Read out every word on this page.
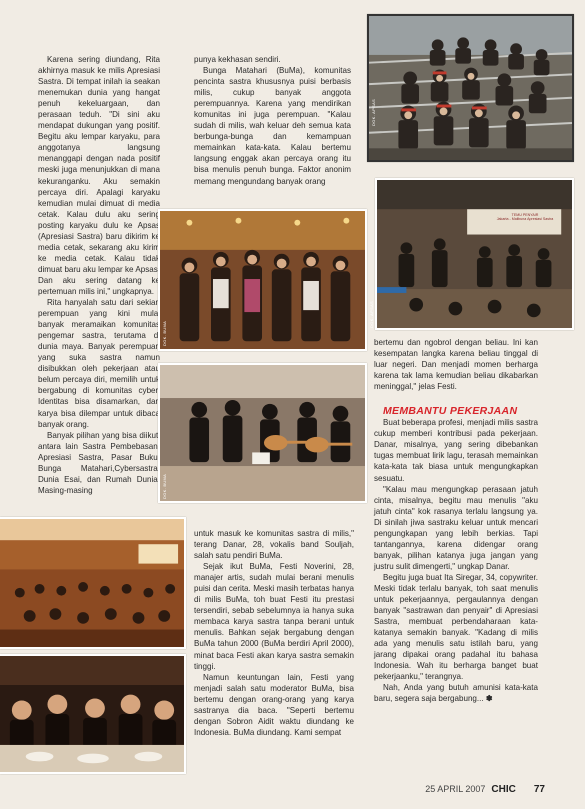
Karena sering diundang, Rita akhirnya masuk ke milis Apresiasi Sastra. Di tempat inilah ia seakan menemukan dunia yang hangat penuh kekeluargaan, dan perasaan teduh. "Di sini aku mendapat dukungan yang positif. Begitu aku lempar karyaku, para anggotanya langsung menanggapi dengan nada positif meski juga menunjukkan di mana kekuranganku. Aku semakin percaya diri. Apalagi karyaku kemudian mulai dimuat di media cetak. Kalau dulu aku sering posting karyaku dulu ke Apsas (Apresiasi Sastra) baru dikirim ke media cetak, sekarang aku kirim ke media cetak. Kalau tidak dimuat baru aku lempar ke Apsas. Dan aku sering datang ke pertemuan milis ini," ungkapnya.

Rita hanyalah satu dari sekian perempuan yang kini mulai banyak meramaikan komunitas pengemar sastra, terutama di dunia maya. Banyak perempuan yang suka sastra namun disibukkan oleh pekerjaan atau belum percaya diri, memilih untuk bergabung di komunitas cyber. Identitas bisa disamarkan, dan karya bisa dilempar untuk dibaca banyak orang.

Banyak pilihan yang bisa diikuti antara lain Sastra Pembebasan, Apresiasi Sastra, Pasar Buku, Bunga Matahari,Cybersastra, Dunia Esai, dan Rumah Dunia. Masing-masing

punya kekhasan sendiri.

Bunga Matahari (BuMa), komunitas pencinta sastra khususnya puisi berbasis milis, cukup banyak anggota perempuannya. Karena yang mendirikan komunitas ini juga perempuan. "Kalau sudah di milis, wah keluar deh semua kata berbunga-bunga dan kemampuan memainkan kata-kata. Kalau bertemu langsung enggak akan percaya orang itu bisa menulis penuh bunga. Faktor anonim memang mengundang banyak orang

untuk masuk ke komunitas sastra di milis," terang Danar, 28, vokalis band Souljah, salah satu pendiri BuMa.

Sejak ikut BuMa, Festi Noverini, 28, manajer artis, sudah mulai berani menulis puisi dan cerita. Meski masih terbatas hanya di milis BuMa, toh buat Festi itu prestasi tersendiri, sebab sebelumnya ia hanya suka membaca karya sastra tanpa berani untuk menulis. Bahkan sejak bergabung dengan BuMa tahun 2000 (BuMa berdiri April 2000), minat baca Festi akan karya sastra semakin tinggi.

Namun keuntungan lain, Festi yang menjadi salah satu moderator BuMa, bisa bertemu dengan orang-orang yang karya sastranya dia baca. "Seperti bertemu dengan Sobron Aidit waktu diundang ke Indonesia. BuMa diundang. Kami sempat

bertemu dan ngobrol dengan beliau. Ini kan kesempatan langka karena beliau tinggal di luar negeri. Dan menjadi momen berharga karena tak lama kemudian beliau dikabarkan meninggal," jelas Festi.

MEMBANTU PEKERJAAN

Buat beberapa profesi, menjadi milis sastra cukup memberi kontribusi pada pekerjaan. Danar, misalnya, yang sering dibebankan tugas membuat lirik lagu, terasah memainkan kata-kata tak biasa untuk mengungkapkan sesuatu.

"Kalau mau mengungkap perasaan jatuh cinta, misalnya, begitu mau menulis "aku jatuh cinta" kok rasanya terlalu langsung ya. Di sinilah jiwa sastraku keluar untuk mencari pengungkapan yang lebih berkias. Tapi tantangannya, karena didengar orang banyak, pilihan katanya juga jangan yang justru sulit dimengerti," ungkap Danar.

Begitu juga buat Ita Siregar, 34, copywriter. Meski tidak terlalu banyak, toh saat menulis untuk pekerjaannya, pergaulannya dengan banyak "sastrawan dan penyair" di Apresiasi Sastra, membuat perbendaharaan kata-katanya semakin banyak. "Kadang di milis ada yang menulis satu istilah baru, yang jarang dipakai orang padahal itu bahasa Indonesia. Wah itu berharga banget buat pekerjaanku," terangnya.

Nah, Anda yang butuh amunisi kata-kata baru, segera saja bergabung... ✽

DOK. APSAS
DOK. BUMA
TEMU PENYAIR
Jakarta - Malibuna Apresiasi Sastra
DOK. APSAS
DOK. BUMA
25 APRIL 2007 CHIC 77
